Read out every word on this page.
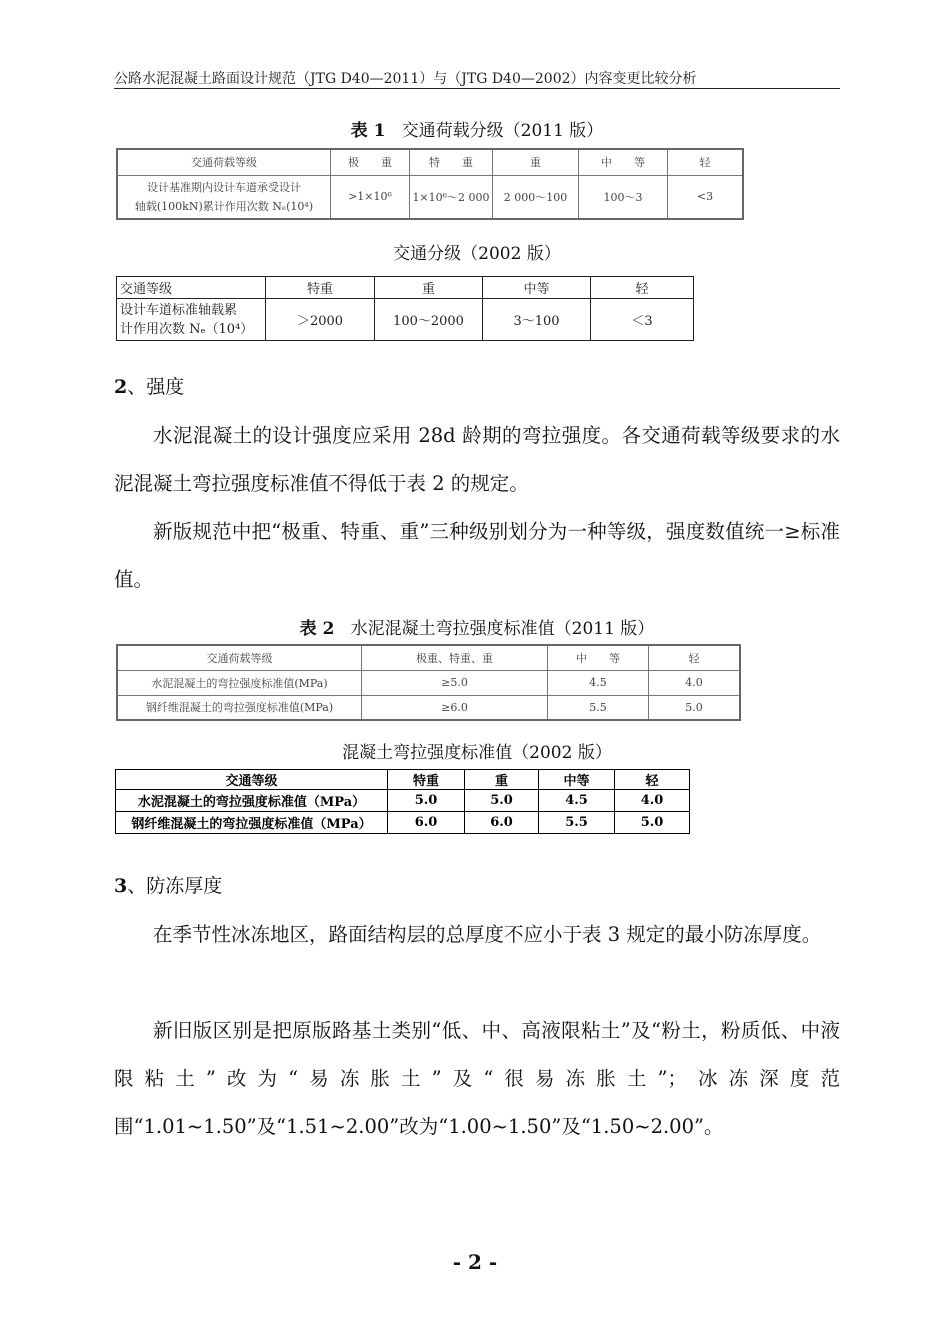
公路水泥混凝土路面设计规范（JTG D40—2011）与（JTG D40—2002）内容变更比较分析
表 1 交通荷载分级（2011 版）
交通荷载等级	极　　重	特　　重	重	中　　等	轻

设计基准期内设计车道承受设计
轴载(100kN)累计作用次数 Nₑ(10⁴)	>1×10⁶	1×10⁶～2 000	2 000～100	100～3	<3
交通分级（2002 版）
交通等级	特重	重	中等	轻

设计车道标准轴载累
计作用次数 Nₑ（10⁴）	＞2000	100～2000	3～100	＜3
2、强度
水泥混凝土的设计强度应采用 28d 龄期的弯拉强度。各交通荷载等级要求的水泥混凝土弯拉强度标准值不得低于表 2 的规定。
新版规范中把“极重、特重、重”三种级别划分为一种等级，强度数值统一≥标准值。
表 2 水泥混凝土弯拉强度标准值（2011 版）
交通荷载等级	极重、特重、重	中　　等	轻
水泥混凝土的弯拉强度标准值(MPa)	≥5.0	4.5	4.0
钢纤维混凝土的弯拉强度标准值(MPa)	≥6.0	5.5	5.0
混凝土弯拉强度标准值（2002 版）
交通等级	特重	重	中等	轻
水泥混凝土的弯拉强度标准值（MPa）	5.0	5.0	4.5	4.0
钢纤维混凝土的弯拉强度标准值（MPa）	6.0	6.0	5.5	5.0
3、防冻厚度
在季节性冰冻地区，路面结构层的总厚度不应小于表 3 规定的最小防冻厚度。
新旧版区别是把原版路基土类别“低、中、高液限粘土”及“粉土，粉质低、中液限粘土”改为“易冻胀土”及“很易冻胀土”；冰冻深度范围“1.01~1.50”及“1.51~2.00”改为“1.00~1.50”及“1.50~2.00”。
- 2 -
